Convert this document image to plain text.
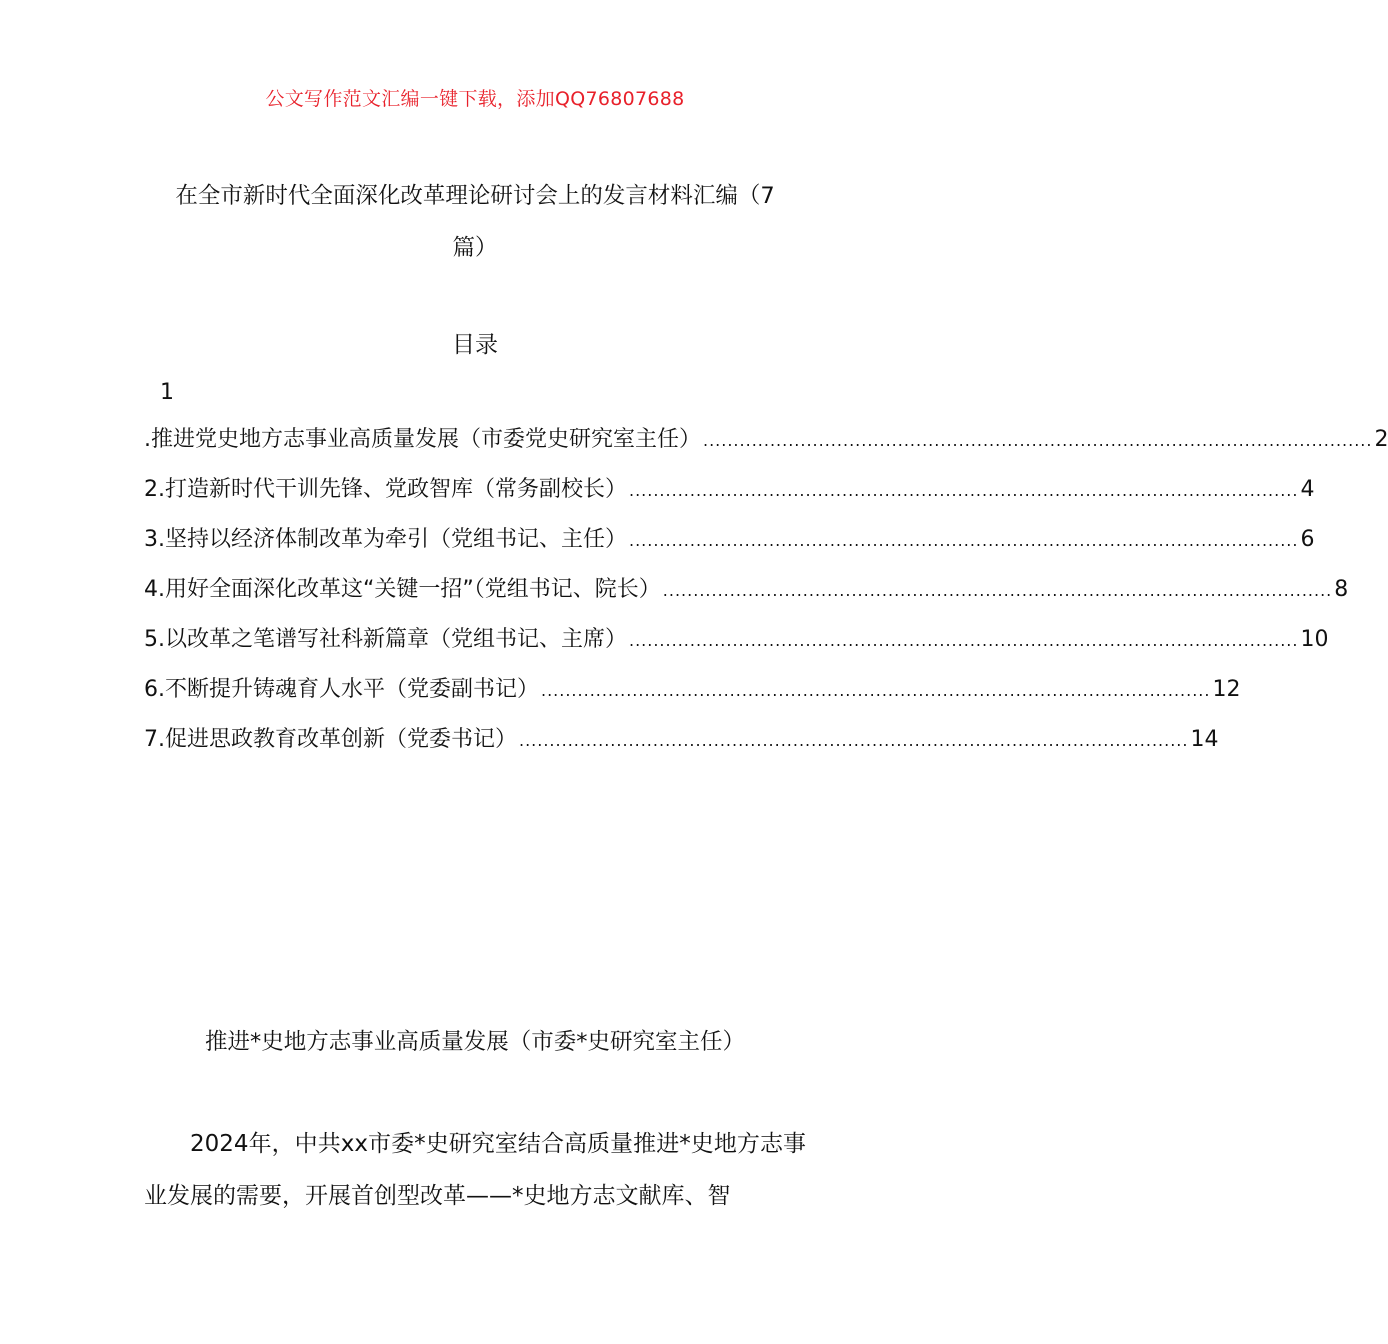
公文写作范文汇编一键下载，添加QQ76807688
在全市新时代全面深化改革理论研讨会上的发言材料汇编（7
篇）
目录
1
.推进党史地方志事业高质量发展（市委党史研究室主任） .............................................................................................................. 2
2.打造新时代干训先锋、党政智库（常务副校长） .............................................................................................................. 4
3.坚持以经济体制改革为牵引（党组书记、主任） .............................................................................................................. 6
4.用好全面深化改革这“关键一招”（党组书记、院长） .............................................................................................................. 8
5.以改革之笔谱写社科新篇章（党组书记、主席） .............................................................................................................. 10
6.不断提升铸魂育人水平（党委副书记） .............................................................................................................. 12
7.促进思政教育改革创新（党委书记） .............................................................................................................. 14
推进*史地方志事业高质量发展（市委*史研究室主任）
2024年，中共xx市委*史研究室结合高质量推进*史地方志事业发展的需要，开展首创型改革——*史地方志文献库、智
